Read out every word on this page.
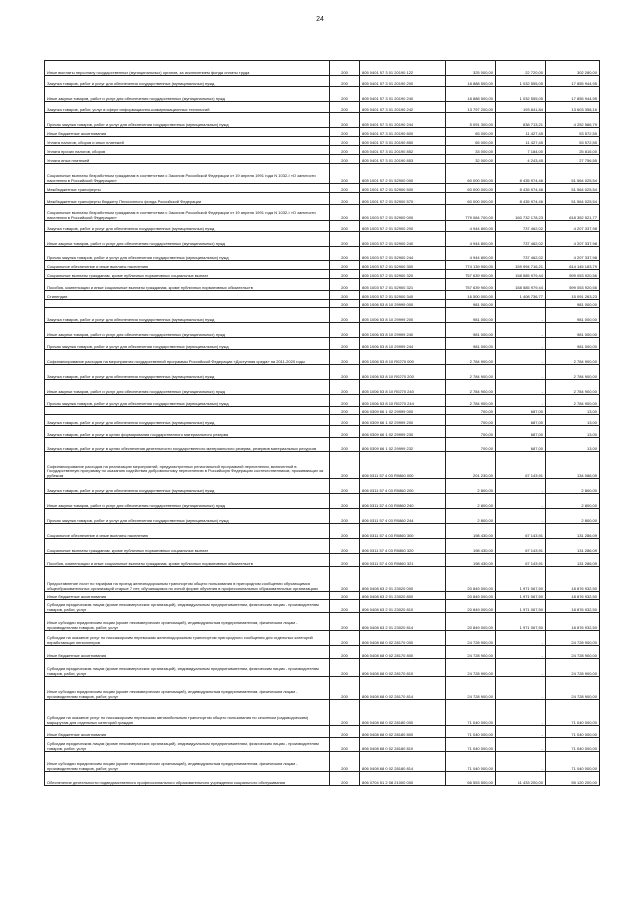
24
Иные выплаты персоналу государственных (муниципальных) органов, за исключением фонда оплаты труда	200	805 0401 57 3 01 20190 122	325 000,00	22 720,00	302 280,00
Закупка товаров, работ и услуг для обеспечения государственных (муниципальных) нужд	200	805 0401 57 3 01 20190 200	18 888 500,00	1 032 555,05	17 855 944,95
Иные закупки товаров, работ и услуг для обеспечения государственных (муниципальных) нужд	200	805 0401 57 3 01 20190 240	18 888 500,00	1 032 555,05	17 855 944,95
Закупка товаров, работ, услуг в сфере информационно-коммуникационных технологий	200	805 0401 57 3 01 20190 242	13 797 200,00	193 841,84	13 603 358,16
Прочая закупка товаров, работ и услуг для обеспечения государственных (муниципальных) нужд	200	805 0401 57 3 01 20190 244	5 091 300,00	838 713,21	4 252 586,79
Иные бюджетные ассигнования	200	805 0401 57 3 01 20190 800	65 000,00	11 427,45	53 572,55
Уплата налогов, сборов и иных платежей	200	805 0401 57 3 01 20190 850	65 000,00	11 427,45	53 572,55
Уплата прочих налогов, сборов	200	805 0401 57 3 01 20190 852	33 000,00	7 184,00	25 816,00
Уплата иных платежей	200	805 0401 57 3 01 20190 853	32 000,00	4 243,45	27 756,55
Социальные выплаты безработным гражданам в соответствии с Законом Российской Федерации от 19 апреля 1991 года N 1032-I «О занятости населения в Российской Федерации»	200	805 1001 57 2 01 52900 000	60 000 000,00	8 435 974,46	51 564 025,54
Межбюджетные трансферты	200	805 1001 57 2 01 52900 500	60 000 000,00	8 435 974,46	51 564 025,54
Межбюджетные трансферты бюджету Пенсионного фонда Российской Федерации	200	805 1001 57 2 01 52900 570	60 000 000,00	8 435 974,46	51 564 025,54
Социальные выплаты безработным гражданам в соответствии с Законом Российской Федерации от 19 апреля 1991 года N 1032-I «О занятости населения в Российской Федерации»	200	805 1003 57 2 01 52900 000	779 084 700,00	160 732 178,23	618 352 521,77
Закупка товаров, работ и услуг для обеспечения государственных (муниципальных) нужд	200	805 1003 57 2 01 52900 200	4 944 800,00	737 462,02	4 207 337,98
Иные закупки товаров, работ и услуг для обеспечения государственных (муниципальных) нужд	200	805 1003 57 2 01 52900 240	4 944 800,00	737 462,02	4 207 337,98
Прочая закупка товаров, работ и услуг для обеспечения государственных (муниципальных) нужд	200	805 1003 57 2 01 52900 244	4 944 800,00	737 462,02	4 207 337,98
Социальное обеспечение и иные выплаты населению	200	805 1003 57 2 01 52900 300	774 139 900,00	159 994 716,21	614 145 183,79
Социальные выплаты гражданам, кроме публичных нормативных социальных выплат	200	805 1003 57 2 01 52900 320	757 639 900,00	158 585 979,44	599 053 920,56
Пособия, компенсации и иные социальные выплаты гражданам, кроме публичных нормативных обязательств	200	805 1003 57 2 01 52900 321	757 639 900,00	158 585 979,44	599 053 920,56
Стипендии	200	805 1003 57 2 01 52900 340	16 500 000,00	1 408 736,77	15 091 263,23
	200	805 1006 53 8 10 29999 000	981 000,00		981 000,00
Закупка товаров, работ и услуг для обеспечения государственных (муниципальных) нужд	200	805 1006 53 8 10 29999 200	981 000,00	-	981 000,00
Иные закупки товаров, работ и услуг для обеспечения государственных (муниципальных) нужд	200	805 1006 53 8 10 29999 240	981 000,00	-	981 000,00
Прочая закупка товаров, работ и услуг для обеспечения государственных (муниципальных) нужд	200	805 1006 53 8 10 29999 244	981 000,00	-	981 000,00
Софинансирование расходов на мероприятия государственной программы Российской Федерации «Доступная среда» на 2011-2020 годы	200	805 1006 53 8 10 R0270 000	2 784 900,00	-	2 784 900,00
Закупка товаров, работ и услуг для обеспечения государственных (муниципальных) нужд	200	805 1006 53 8 10 R0270 200	2 784 900,00	-	2 784 900,00
Иные закупки товаров, работ и услуг для обеспечения государственных (муниципальных) нужд	200	805 1006 53 8 10 R0270 240	2 784 900,00	-	2 784 900,00
Прочая закупка товаров, работ и услуг для обеспечения государственных (муниципальных) нужд	200	805 1006 53 8 10 R0270 244	2 784 900,00	-	2 784 900,00
	200	806 0309 66 1 02 29999 000	700,00	687,00	13,00
Закупка товаров, работ и услуг для обеспечения государственных (муниципальных) нужд	200	806 0309 66 1 02 29999 200	700,00	687,00	13,00
Закупка товаров, работ и услуг в целях формирования государственного материального резерва	200	806 0309 66 1 02 29999 230	700,00	687,00	13,00
Закупка товаров, работ и услуг в целях обеспечения деятельности государственного материального резерва, резервов материальных ресурсов	200	806 0309 66 1 02 29999 232	700,00	687,00	13,00
Софинансирование расходов на реализацию мероприятий, предусмотренных региональной программой переселения, включенной в Государственную программу по оказанию содействия добровольному переселению в Российскую Федерацию соотечественников, проживающих за рубежом	200	806 0311 57 4 03 R0860 000	201 230,00	67 143,91	134 086,09
Закупка товаров, работ и услуг для обеспечения государственных (муниципальных) нужд	200	806 0311 57 4 03 R0860 200	2 800,00	-	2 800,00
Иные закупки товаров, работ и услуг для обеспечения государственных (муниципальных) нужд	200	806 0311 57 4 03 R0860 240	2 800,00	-	2 800,00
Прочая закупка товаров, работ и услуг для обеспечения государственных (муниципальных) нужд	200	806 0311 57 4 03 R0860 244	2 800,00	-	2 800,00
Социальное обеспечение и иные выплаты населению	200	806 0311 57 4 03 R0860 300	198 430,00	67 143,91	131 286,09
Социальные выплаты гражданам, кроме публичных нормативных социальных выплат	200	806 0311 57 4 03 R0860 320	198 430,00	67 143,91	131 286,09
Пособия, компенсации и иные социальные выплаты гражданам, кроме публичных нормативных обязательств	200	806 0311 57 4 03 R0860 321	198 430,00	67 143,91	131 286,09
Предоставление льгот по тарифам на проезд железнодорожным транспортом общего пользования в пригородном сообщении обучающимся общеобразовательных организаций старше 7 лет, обучающимся по очной форме обучения в профессиональных образовательных организациях	200	806 0408 63 2 01 23020 000	20 849 000,00	1 971 067,50	18 876 932,50
Иные бюджетные ассигнования	200	806 0408 63 2 01 23020 800	20 849 000,00	1 971 067,50	18 876 932,50
Субсидии юридическим лицам (кроме некоммерческих организаций), индивидуальным предпринимателям, физическим лицам - производителям товаров, работ, услуг	200	806 0408 63 2 01 23020 810	20 849 000,00	1 971 067,50	18 876 932,50
Иные субсидии юридическим лицам (кроме некоммерческих организаций), индивидуальным предпринимателям, физическим лицам - производителям товаров, работ, услуг	200	806 0408 63 2 01 23020 814	20 849 000,00	1 971 067,50	18 876 932,50
Субсидии на оказание услуг по пассажирским перевозкам железнодорожным транспортом пригородного сообщения для отдельных категорий неработающих пенсионеров	200	806 0408 68 0 02 28170 000	24 728 900,00	-	24 728 900,00
Иные бюджетные ассигнования	200	806 0408 68 0 02 28170 800	24 728 900,00	-	24 728 900,00
Субсидии юридическим лицам (кроме некоммерческих организаций), индивидуальным предпринимателям, физическим лицам - производителям товаров, работ, услуг	200	806 0408 68 0 02 28170 810	24 728 900,00	-	24 728 900,00
Иные субсидии юридическим лицам (кроме некоммерческих организаций), индивидуальным предпринимателям, физическим лицам - производителям товаров, работ, услуг	200	806 0408 68 0 02 28170 814	24 728 900,00	-	24 728 900,00
Субсидии на оказание услуг по пассажирским перевозкам автомобильным транспортом общего пользования по сезонным (садоводческим) маршрутам для отдельных категорий граждан	200	806 0408 68 0 02 28180 000	71 040 000,00	-	71 040 000,00
Иные бюджетные ассигнования	200	806 0408 68 0 02 28180 800	71 040 000,00	-	71 040 000,00
Субсидии юридическим лицам (кроме некоммерческих организаций), индивидуальным предпринимателям, физическим лицам - производителям товаров, работ, услуг	200	806 0408 68 0 02 28180 810	71 040 000,00	-	71 040 000,00
Иные субсидии юридическим лицам (кроме некоммерческих организаций), индивидуальным предпринимателям, физическим лицам - производителям товаров, работ, услуг	200	806 0408 68 0 02 28180 814	71 040 000,00	-	71 040 000,00
Обеспечение деятельности подведомственного профессионального образовательного учреждения социального обслуживания	200	806 0704 51 2 08 21000 000	66 553 500,00	11 433 200,00	55 120 200,00
